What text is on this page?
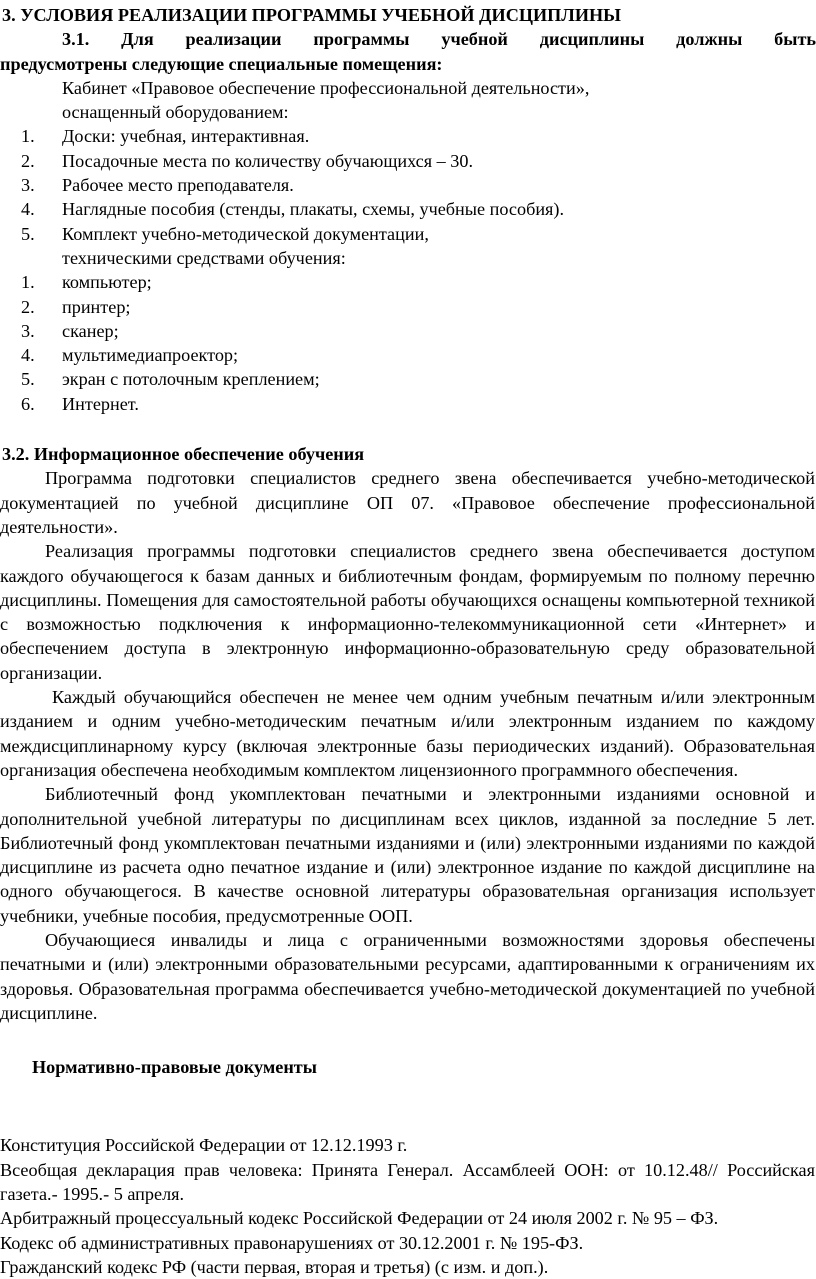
3. УСЛОВИЯ РЕАЛИЗАЦИИ ПРОГРАММЫ УЧЕБНОЙ ДИСЦИПЛИНЫ

3.1. Для реализации программы учебной дисциплины должны быть

предусмотрены следующие специальные помещения:

Кабинет «Правовое обеспечение профессиональной деятельности»,

оснащенный оборудованием:

1. Доски: учебная, интерактивная.
2. Посадочные места по количеству обучающихся – 30.
3. Рабочее место преподавателя.
4. Наглядные пособия (стенды, плакаты, схемы, учебные пособия).
5. Комплект учебно-методической документации,

техническими средствами обучения:

1. компьютер;
2. принтер;
3. сканер;
4. мультимедиапроектор;
5. экран с потолочным креплением;
6. Интернет.

3.2. Информационное обеспечение обучения

Программа подготовки специалистов среднего звена обеспечивается учебно-методической документацией по учебной дисциплине ОП 07. «Правовое обеспечение профессиональной деятельности».

Реализация программы подготовки специалистов среднего звена обеспечивается доступом каждого обучающегося к базам данных и библиотечным фондам, формируемым по полному перечню дисциплины. Помещения для самостоятельной работы обучающихся оснащены компьютерной техникой с возможностью подключения к информационно-телекоммуникационной сети «Интернет» и обеспечением доступа в электронную информационно-образовательную среду образовательной организации.

Каждый обучающийся обеспечен не менее чем одним учебным печатным и/или электронным изданием и одним учебно-методическим печатным и/или электронным изданием по каждому междисциплинарному курсу (включая электронные базы периодических изданий). Образовательная организация обеспечена необходимым комплектом лицензионного программного обеспечения.

Библиотечный фонд укомплектован печатными и электронными изданиями основной и дополнительной учебной литературы по дисциплинам всех циклов, изданной за последние 5 лет. Библиотечный фонд укомплектован печатными изданиями и (или) электронными изданиями по каждой дисциплине из расчета одно печатное издание и (или) электронное издание по каждой дисциплине на одного обучающегося. В качестве основной литературы образовательная организация использует учебники, учебные пособия, предусмотренные ООП.

Обучающиеся инвалиды и лица с ограниченными возможностями здоровья обеспечены печатными и (или) электронными образовательными ресурсами, адаптированными к ограничениям их здоровья. Образовательная программа обеспечивается учебно-методической документацией по учебной дисциплине.

Нормативно-правовые документы

Конституция Российской Федерации от 12.12.1993 г.

Всеобщая декларация прав человека: Принята Генерал. Ассамблеей ООН: от 10.12.48// Российская газета.- 1995.- 5 апреля.

Арбитражный процессуальный кодекс Российской Федерации от 24 июля 2002 г. № 95 – ФЗ.

Кодекс об административных правонарушениях от 30.12.2001 г. № 195-ФЗ.

Гражданский кодекс РФ (части первая, вторая и третья) (с изм. и доп.).
